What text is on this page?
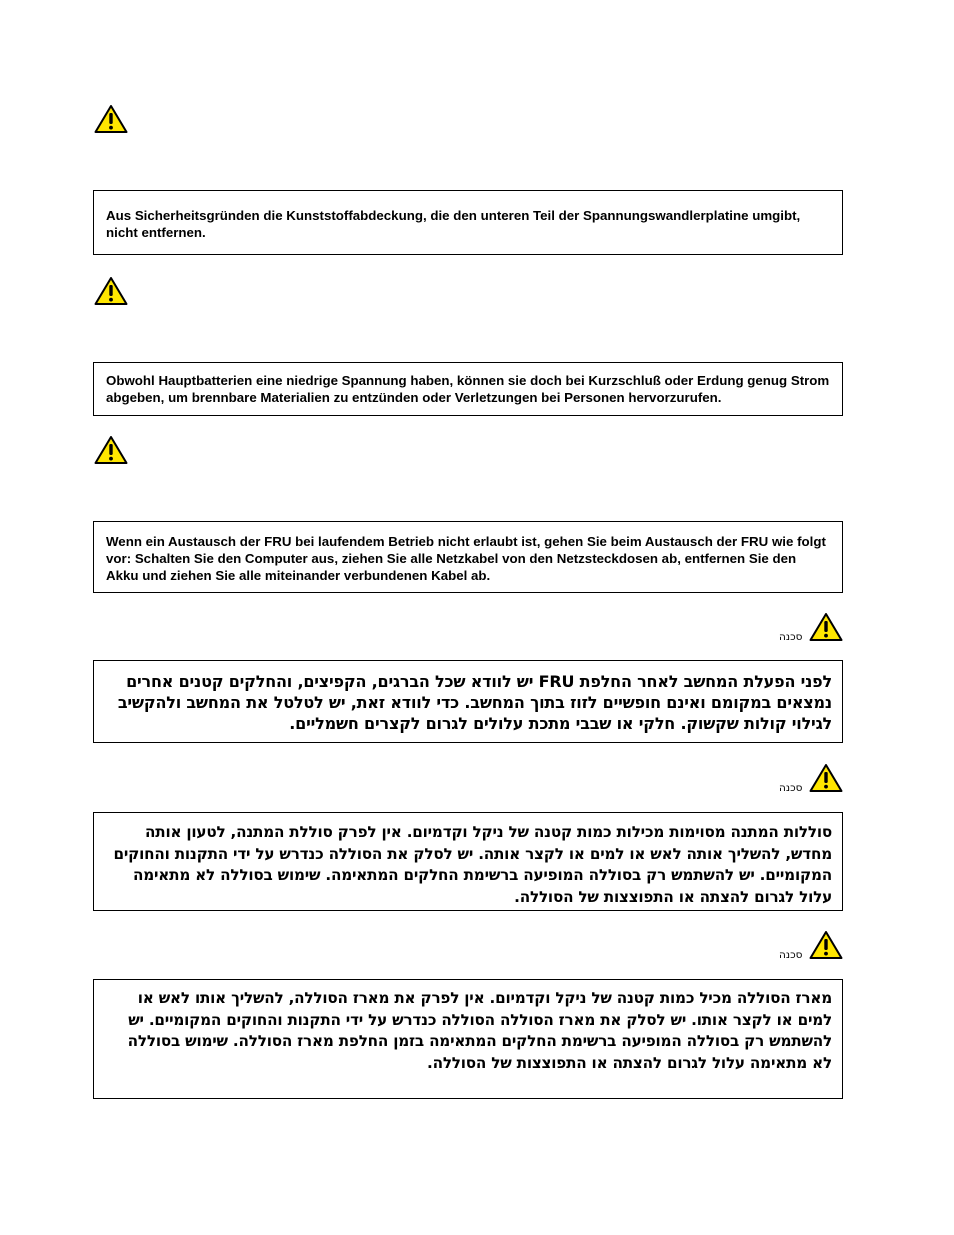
Aus Sicherheitsgründen die Kunststoffabdeckung, die den unteren Teil der Spannungswandlerplatine umgibt, nicht entfernen.

Obwohl Hauptbatterien eine niedrige Spannung haben, können sie doch bei Kurzschluß oder Erdung genug Strom abgeben, um brennbare Materialien zu entzünden oder Verletzungen bei Personen hervorzurufen.

Wenn ein Austausch der FRU bei laufendem Betrieb nicht erlaubt ist, gehen Sie beim Austausch der FRU wie folgt vor: Schalten Sie den Computer aus, ziehen Sie alle Netzkabel von den Netzsteckdosen ab, entfernen Sie den Akku und ziehen Sie alle miteinander verbundenen Kabel ab.

סכנה

לפני הפעלת המחשב לאחר החלפת FRU יש לוודא שכל הברגים, הקפיצים, והחלקים קטנים אחרים נמצאים במקומם ואינם חופשיים לזוז בתוך המחשב. כדי לוודא זאת, יש לטלטל את המחשב ולהקשיב לגילוי קולות שקשוק. חלקי או שבבי מתכת עלולים לגרום לקצרים חשמליים.

סכנה

סוללות המתנה מסוימות מכילות כמות קטנה של ניקל וקדמיום. אין לפרק סוללת המתנה, לטעון אותה מחדש, להשליך אותה לאש או למים או לקצר אותה. יש לסלק את הסוללה כנדרש על ידי התקנות והחוקים המקומיים. יש להשתמש רק בסוללה המופיעה ברשימת החלקים המתאימה. שימוש בסוללה לא מתאימה עלול לגרום להצתה או התפוצצות של הסוללה.

סכנה

מארז הסוללה מכיל כמות קטנה של ניקל וקדמיום. אין לפרק את מארז הסוללה, להשליך אותו לאש או למים או לקצר אותו. יש לסלק את מארז הסוללה הסוללה כנדרש על ידי התקנות והחוקים המקומיים. יש להשתמש רק בסוללה המופיעה ברשימת החלקים המתאימה בזמן החלפת מארז הסוללה. שימוש בסוללה לא מתאימה עלול לגרום להצתה או התפוצצות של הסוללה.
